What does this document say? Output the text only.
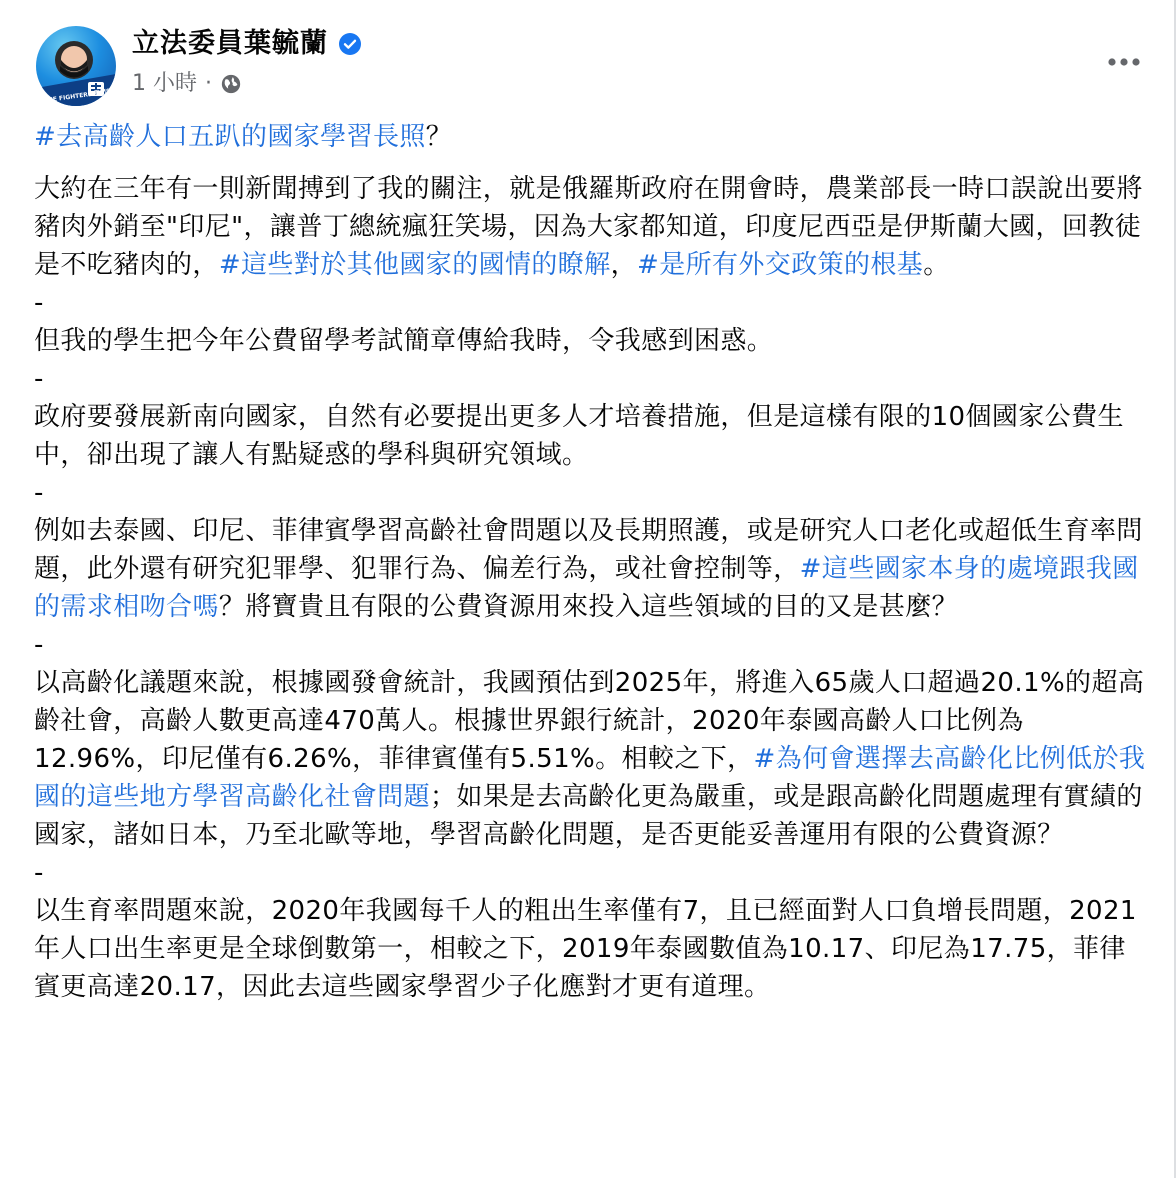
BLUE FIGHTERS 戰鬥藍
立法委員葉毓蘭
1 小時 ·

#去高齡人口五趴的國家學習長照？

大約在三年有一則新聞搏到了我的關注，就是俄羅斯政府在開會時，農業部長一時口誤說出要將豬肉外銷至"印尼"，讓普丁總統瘋狂笑場，因為大家都知道，印度尼西亞是伊斯蘭大國，回教徒是不吃豬肉的，#這些對於其他國家的國情的瞭解，#是所有外交政策的根基。

-

但我的學生把今年公費留學考試簡章傳給我時，令我感到困惑。

-

政府要發展新南向國家，自然有必要提出更多人才培養措施，但是這樣有限的10個國家公費生中，卻出現了讓人有點疑惑的學科與研究領域。

-

例如去泰國、印尼、菲律賓學習高齡社會問題以及長期照護，或是研究人口老化或超低生育率問題，此外還有研究犯罪學、犯罪行為、偏差行為，或社會控制等，#這些國家本身的處境跟我國的需求相吻合嗎？將寶貴且有限的公費資源用來投入這些領域的目的又是甚麼？

-

以高齡化議題來說，根據國發會統計，我國預估到2025年，將進入65歲人口超過20.1%的超高齡社會，高齡人數更高達470萬人。根據世界銀行統計，2020年泰國高齡人口比例為12.96%，印尼僅有6.26%，菲律賓僅有5.51%。相較之下，#為何會選擇去高齡化比例低於我國的這些地方學習高齡化社會問題；如果是去高齡化更為嚴重，或是跟高齡化問題處理有實績的國家，諸如日本，乃至北歐等地，學習高齡化問題，是否更能妥善運用有限的公費資源？

-

以生育率問題來說，2020年我國每千人的粗出生率僅有7，且已經面對人口負增長問題，2021年人口出生率更是全球倒數第一，相較之下，2019年泰國數值為10.17、印尼為17.75，菲律賓更高達20.17，因此去這些國家學習少子化應對才更有道理。
